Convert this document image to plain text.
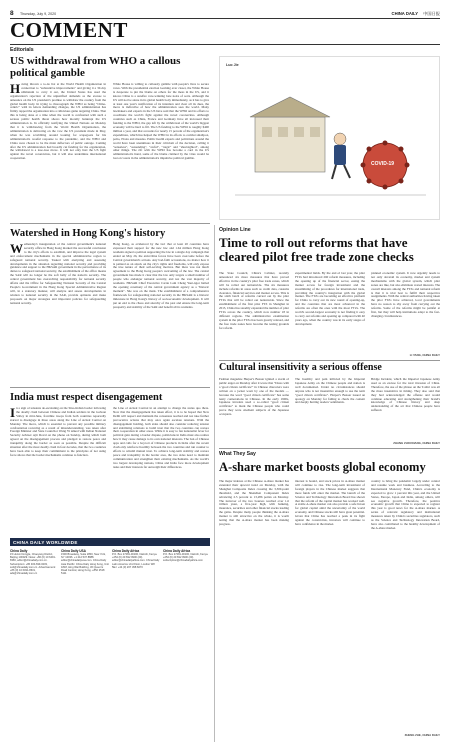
8 Thursday, July 9, 2020	CHINA DAILY 中国日报
COMMENT
Editorials
US withdrawal from WHO a callous political gamble
Having thrown a to-do list at the World Health Organization in connection to "substantive improvements" and giving it a 30-day ultimatum to carry it out, the United States has used the organization's rejection of the unjustified demands as the excuse to announce on the US president's promise to withdraw the country from the global health body. In trying to choreograph the WHO as being "China-centric" with its letters demanding changes, the US administration has firmly rapped the organization into a ridiculous game targeting China. That this is being done at a time when the world is confronted with such a serious public health threat shows how morally bankrupt the US administration is. In officially notifying the United Nations on Monday that it is withdrawing from the World Health Organization, the administration is delivering on the vow the US president made in May, when he was scrabbling around looking for scapegoats for his administration's woeful response to the pandemic, and the WHO and China were chosen to be the main deflectors of public outrage. Coming after the US administration had broadly cut funding for the organization, the withdrawal is a lose-lose move. It will not only hurt the US fight against the novel coronavirus, but it will also undermine international cooperation.
White House is willing to callously gamble with people's lives to secure votes. With the presidential election looming ever closer, the White House is desperate to pin the blame on others for the mess in the US, and it knows China is a surefire vote-winning bete noire of sorts. Although the US will not be alone in its global health body immediately, as it has to give at least one year's notification of its intention and clear all its dues, the move is indicative of how the administration sees the world. Many lawmakers and experts in the US have said that the WHO and its efforts to coordinate the world's fight against the novel coronavirus. Although countries such as China, France and Germany have all increased their funding to the WHO, the gap left by the withdrawal of the world's biggest economy will be hard to fill. The US funding to the WHO is roughly $400 million a year, and that accounts for nearly 15 percent of the organization's expenditure, which has helped the WHO in its efforts to combat smallpox, polio, Ebola and measles. Public health experts and politicians around the world have been unanimous in their criticism of the decision, calling it "senseless", "astounding", "awful", "tragic" and "shortsighted", among other things. The rift with the WHO has become a card in the US administration's hand, some of the blame claimed by the virus would be lost on voters in the administration's impulsive political gamble.
Luo Jie
COVID-19
Watershed in Hong Kong's history
Wednesday's inauguration of the central government's national security office in Hong Kong marked the successful conclusion to the city's efforts to establish, and improve the legal system and enforcement mechanisms in the special administrative region to safeguard national security. Tasked with analyzing and assessing developments in the situation regarding national security and providing guidance and support to the HKSAR government in the performance of its duties to safeguard national security, the establishment of the office means the SAR will no longer be the soft belly of the nation's security. The central government has overarching responsibility for national security affairs and the Office for Safeguarding National Security of the Central People's Government in the Hong Kong Special Administrative Region will, in a statutory manner, will analyze and assess developments in relation to national security in the SAR, provide opinions and make proposals on major strategies and important policies for safeguarding national security.
Hong Kong, as evidenced by the fact that at least 20 countries have expressed their support for the new law and 1.64 million Hong Kong residents signed a petition supporting the law in a single day campaign that ended on May 26, the anti-China forces have been overcome before the Central government's actions. Any bad-faith accusations, no matter how it is painted as an attack on the city's rights and freedoms, will only expose the true nature of their self-serving motives. But there was not much agreement to the Hong Kong people's welcoming of the law. The central government has made it clear that the law only targets a small number of people who endanger national security, and not the vast majority of residents. HKSAR Chief Executive Carrie Lam Cheng Yuet-ngor hailed the opening ceremony of the central government agency as a "historic moment". She was on the mark. The establishment of a comprehensive framework for safeguarding national security in the HKSAR is a historic milestone in Hong Kong's history of socioeconomic development. It will put an end to the chaos and anarchy of the past and ensure the long-term prosperity and stability of the SAR and benefit all its residents.
India must respect disengagement
In a sign of tensions de-escalating on the Sino-Indian border following the deadly clash between Chinese and Indian soldiers in the Galwan Valley in mid-June, frontline troops from both countries reportedly started to disengage in three areas along the Line of Actual Control on Monday. The move, which is essential to prevent any possible military confrontation recurring as a result of misunderstanding, was taken after Foreign Minister and State Councilor Wang Yi talked with Indian National Security Adviser Ajit Doval on the phone on Sunday, during which both agreed on the disengagement process and pledged to restore peace and tranquility along the border as soon as possible. Despite the difficult situation after the most deadly clash in four decades, that the two countries have been able to keep their commitment to the principles of not using force shows that the border mechanisms continue to function.
the Line of Actual Control in an attempt to change the status quo there. Now that the disengagement has taken effect, it is to be hoped that New Delhi will respect and maintain the consensus reached and not take further provocative actions that may once again escalate tensions. With the disengagement holding, both sides should also consider reducing tension and stabilizing relations to build trust that the two countries can restore their cooperation in other areas. While it is easy to fan nationalist fever for political gain during a border dispute, politicians in India must also realize how it may cause damage to its own national interests. The ban of Chinese apps and calls for a boycott of Chinese products in India after the recent clash only reinforce hostility between the two countries and run counter to efforts to rebuild mutual trust. To achieve long-term stability and restore peace and tranquility in the border area, the two sides need to maintain communication and strengthen their existing mechanisms. As the world's two largest developing nations, China and India face more development tasks and their interests far outweigh their differences.
Opinion Line
Time to roll out reforms that have cleared pilot free trade zone checks
The State Council, China's Cabinet, recently announced six more measures that have proved effective in the country's pilot free trade zones, which will be rolled out nationwide. The six measures include reforms in areas such as credit data, customs clearance, financial services and market access. This is the sixth batch of reforms carried out by the pilot FTZs that will be rolled out nationwide. Since the establishment of the first pilot FTZ in Shanghai in 2013, China has steadily expanded the number of pilot FTZs across the country, which now number 18 in different regions. The administrative examination system in the pilot FTZs has been greatly relaxed, and the free trade zones have become the testing grounds for reform.
experimental fields. By the end of last year, the pilot FTZs had introduced 260 reform measures, including the opening up of the financial sector, easing the market access for foreign investment and the streamlining of the procedures for international trade, providing the country's integration with the global market. The FTZs are becoming an effective platform for China to carry out its new round of opening-up, and the countries that are most advanced in the reforms are often the ones with the most FTZs. The world's second-largest economy is not finding it easy to carry out reforms and opening up compared with 40 years ago, when the country was in its early stages of development.
planned economic system. It now urgently needs to not only dovetail its economy, market and system mechanisms with the global system, which pilot zones are like, but also eliminate vested interests. The overall interests among the FTZs and national reform is that it is trial best to fulfill their respective assignments. With the central authorities having taken the pilot FTZs have achieved, local governments have no reason to shy away from carrying out the reforms. Some of the reforms might be painful at first, but they will help institutions adapt to the fast-changing circumstances.
LI YANG, CHINA DAILY
Cultural insensitivity a serious offense
Fashion magazine Harper's Bazaar ignited a storm of public anger on Monday after it wrote that "Dress with a 'good citizen certificate'" in Chinese characters were written on a jacket worn by one of the models — because the word "good citizen certificate" has some nasty connotations in Chinese. In the early 1900s, Japanese invaders used a so-called "good citizen certificate" to mark the Chinese people who could prove they were obedient subjects of the Japanese occupiers.
The hostility and pain inflicted by the Imperial Japanese Army on the Chinese people and nation is well documented. Under no circumstances should anyone who is not insensitive enough to use the term "good citizen certificate". Harper's Bazaar issued an apology on Monday for failing to check the content and deeply hurting readers' sentiments.
Bridge Incident, which the Imperial Japanese Army used as an excuse for the total invasion of China. Therefore, the use of the phrase on the T-shirt was all the more insensitive in timing. They also said that they had acknowledged the offense and would continue educating and strengthening their brand's knowledge of Chinese history and deep understanding of the act that Chinese people have suffered.
ZHANG ZHOUXIANG, CHINA DAILY
What They Say
A-share market boosts global economy
The major indexes at the Chinese A-share market has extended their upward trend on Monday, with the Shanghai Composite Index crossing the 3,300-point threshold, and the Shenzhen Component Index advancing 2.5 percent to 13,286 points on Monday. The turnover of the two bourses reached over 1.6 trillion yuan, a five-year high, with banking, insurance, securities and other financial stocks leading the gains. Despite many people thinking the A-share market is still attractive on the whole, it is worth noting that the A-share market has been making progress.
interest is bound, and stock prices in A-share market will continue to rise. The long-term investment of foreign players in the Chinese market suggests that more funds will enter the market. The launch of the Science and Technology Innovation Board has shown that the reform of the capital market has worked well. A stable A-share market can also provide a safe haven for global capital amid the uncertainty of the world economy, and Chinese stocks still have great potential. Given that China has reached a peak in its fight against the coronavirus, investors will continue to have confidence in the market.
country to bring the pandemic largely under control and resume work and business. According to the International Monetary Fund, China's economy is expected to grow 1 percent this year, and the United States, Europe, Japan and India, among others, will see negative growth. Therefore, the positive economic growth that China is expected to register this year is good news for the A-share market. A series of relevant regulatory and institutional measures taken by China's securities regulators, such as the Science and Technology Innovation Board, have also contributed to the healthy development of the A-share market.
ZHENG ZHE, CHINA DAILY
CHINA DAILY WORLDWIDE
China Daily
15 Huixin Dongjie, Chaoyang District, Beijing 100029. News: +86 (0) 10 6491-8366, editor@chinadaily.com.cn. Subscription: +86 400-699-0203, sub@chinadaily.com.cn. Advertisement: +86 (0) 10 6491-8631, ads@chinadaily.com.cn
China Daily USA
1500 Broadway, Suite 2800, New York, NY 10036. +1 212 537 8888. editor@chinadailyusa.com. China Daily Asia Pacific: China Daily Hong Kong, Unit 1818, Hing Wai Building, 36 Queen's Road Central, Hong Kong. +852 2518 5111
China Daily Africa
P.O. Box 27281-00100, Nairobi, Kenya. +254 (0) 20 692 0900 (20). editor@chinadailyafrica.com. China Daily Latin America: 2nd Floor, London W8 5EJ. +44 (0) 207 398 8270
China Daily Africa
P.O. Box 27281-00100, Nairobi, Kenya. +254 (0) 20 692 0900 (20). subscription@chinadailyafrica.com
